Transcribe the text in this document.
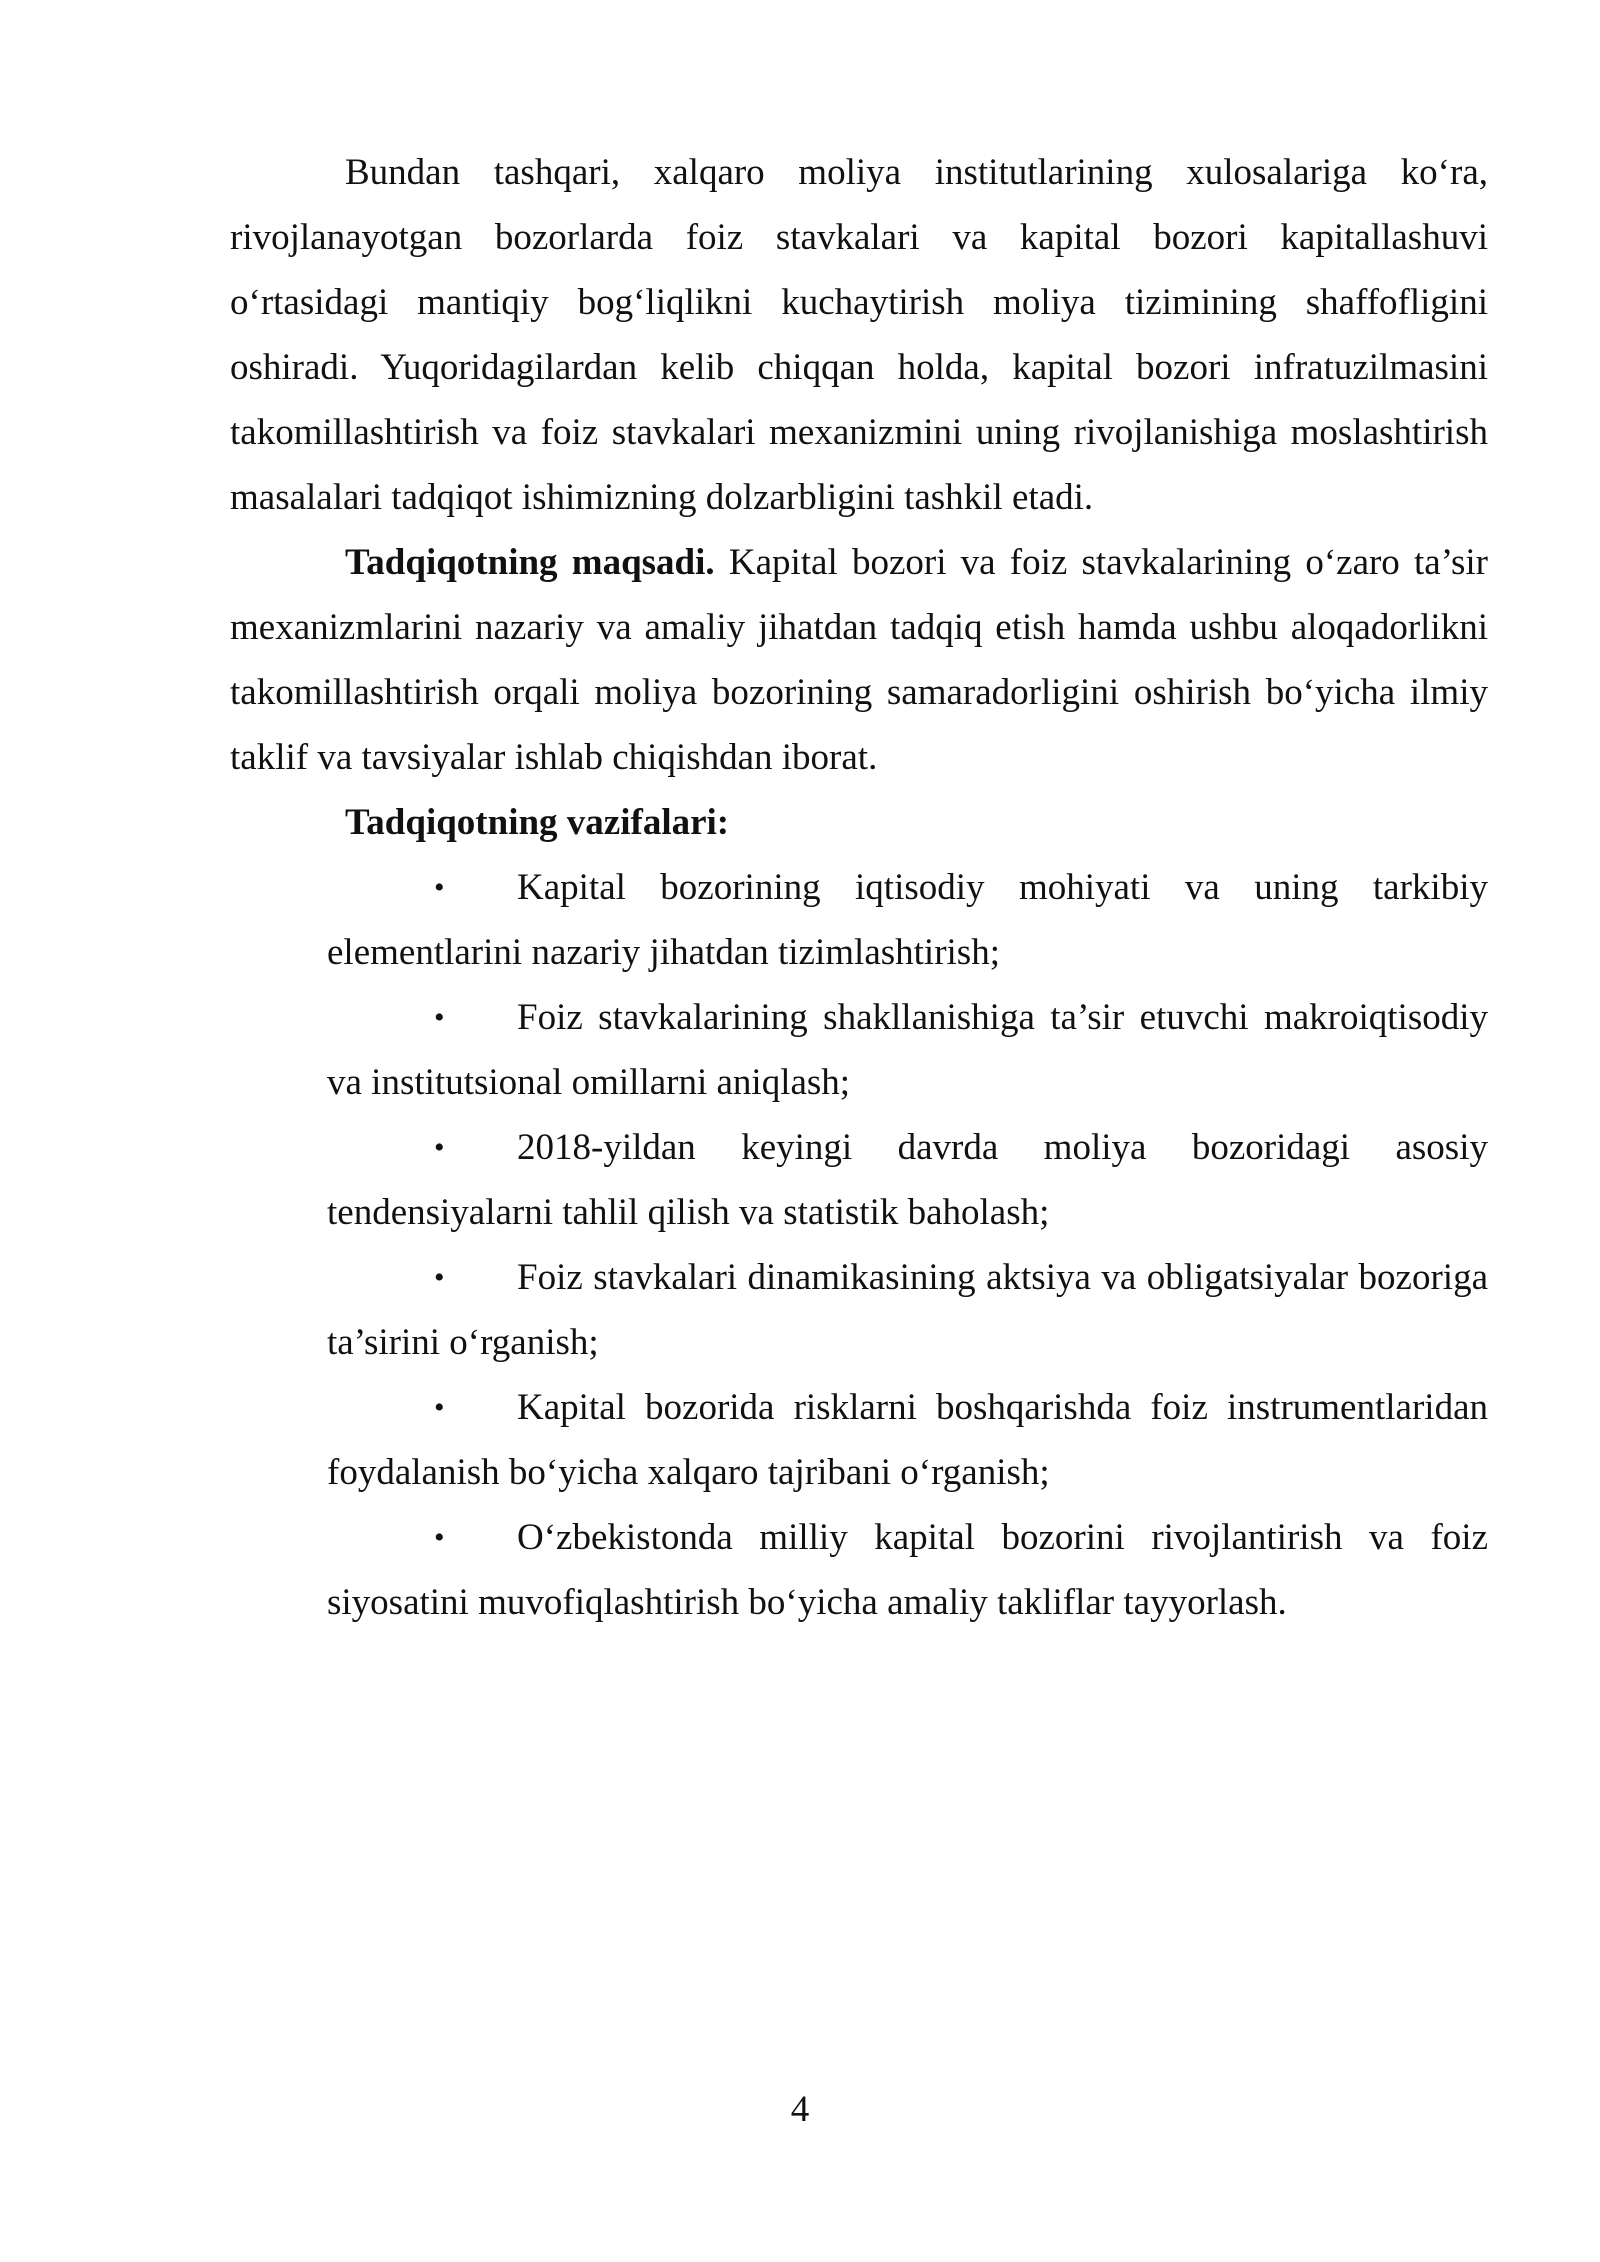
Bundan tashqari, xalqaro moliya institutlarining xulosalariga ko‘ra, rivojlanayotgan bozorlarda foiz stavkalari va kapital bozori kapitallashuvi o‘rtasidagi mantiqiy bog‘liqlikni kuchaytirish moliya tizimining shaffofligini oshiradi. Yuqoridagilardan kelib chiqqan holda, kapital bozori infratuzilmasini takomillashtirish va foiz stavkalari mexanizmini uning rivojlanishiga moslashtirish masalalari tadqiqot ishimizning dolzarbligini tashkil etadi.

Tadqiqotning maqsadi. Kapital bozori va foiz stavkalarining o‘zaro ta’sir mexanizmlarini nazariy va amaliy jihatdan tadqiq etish hamda ushbu aloqadorlikni takomillashtirish orqali moliya bozorining samaradorligini oshirish bo‘yicha ilmiy taklif va tavsiyalar ishlab chiqishdan iborat.

Tadqiqotning vazifalari:

• Kapital bozorining iqtisodiy mohiyati va uning tarkibiy elementlarini nazariy jihatdan tizimlashtirish;
• Foiz stavkalarining shakllanishiga ta’sir etuvchi makroiqtisodiy va institutsional omillarni aniqlash;
• 2018-yildan keyingi davrda moliya bozoridagi asosiy tendensiyalarni tahlil qilish va statistik baholash;
• Foiz stavkalari dinamikasining aktsiya va obligatsiyalar bozoriga ta’sirini o‘rganish;
• Kapital bozorida risklarni boshqarishda foiz instrumentlaridan foydalanish bo‘yicha xalqaro tajribani o‘rganish;
• O‘zbekistonda milliy kapital bozorini rivojlantirish va foiz siyosatini muvofiqlashtirish bo‘yicha amaliy takliflar tayyorlash.
4
